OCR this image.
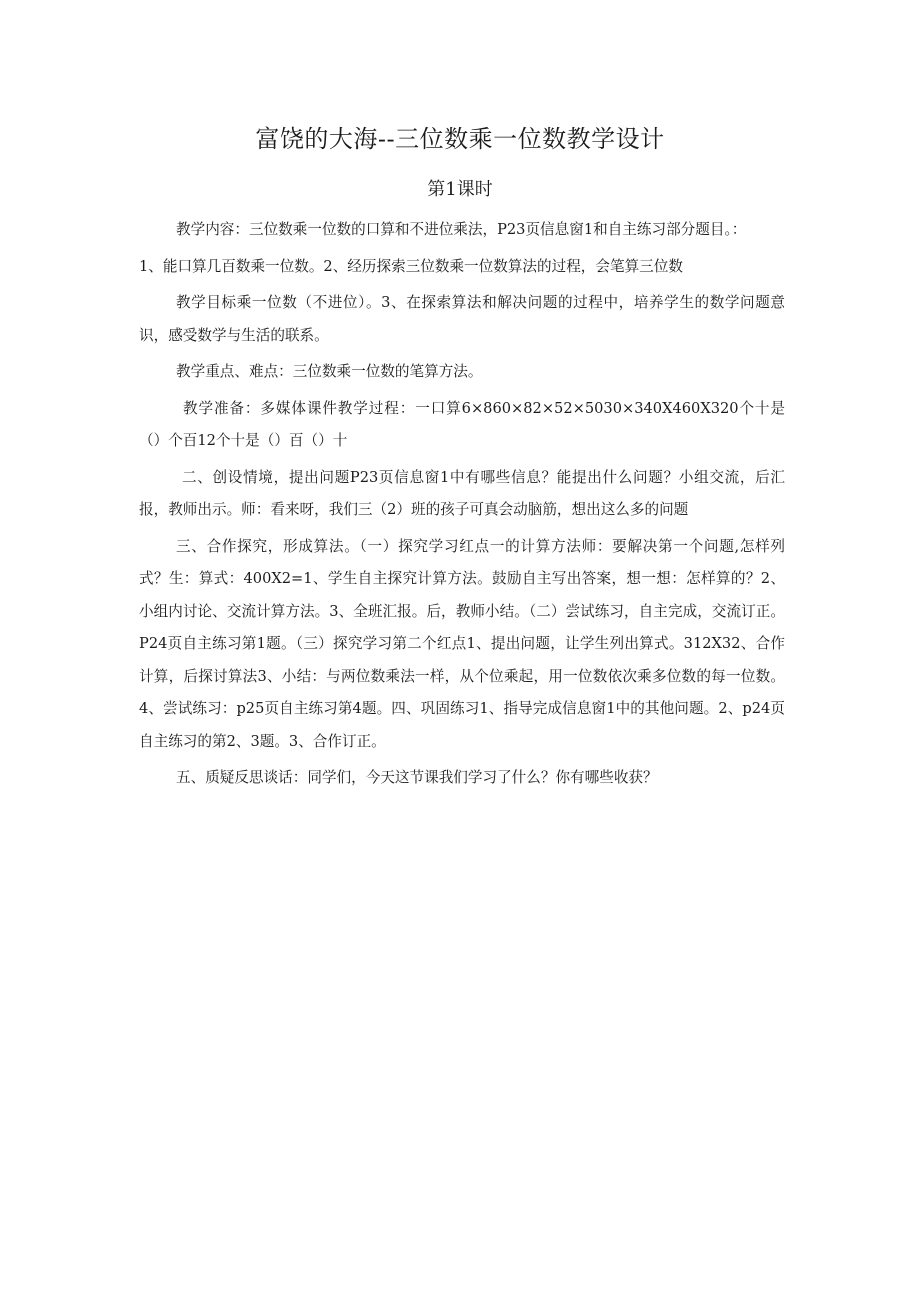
富饶的大海--三位数乘一位数教学设计
第1课时

教学内容：三位数乘一位数的口算和不进位乘法，P23页信息窗1和自主练习部分题目。：

1、能口算几百数乘一位数。2、经历探索三位数乘一位数算法的过程，会笔算三位数

教学目标乘一位数（不进位）。3、在探索算法和解决问题的过程中，培养学生的数学问题意识，感受数学与生活的联系。

教学重点、难点：三位数乘一位数的笔算方法。

教学准备：多媒体课件教学过程：一口算6×860×82×52×5030×340X460X320个十是（）个百12个十是（）百（）十

二、创设情境，提出问题P23页信息窗1中有哪些信息？能提出什么问题？小组交流，后汇报，教师出示。师：看来呀，我们三（2）班的孩子可真会动脑筋，想出这么多的问题

三、合作探究，形成算法。（一）探究学习红点一的计算方法师：要解决第一个问题,怎样列式？生：算式：400X2=1、学生自主探究计算方法。鼓励自主写出答案，想一想：怎样算的？2、小组内讨论、交流计算方法。3、全班汇报。后，教师小结。（二）尝试练习，自主完成，交流订正。P24页自主练习第1题。（三）探究学习第二个红点1、提出问题，让学生列出算式。312X32、合作计算，后探讨算法3、小结：与两位数乘法一样，从个位乘起，用一位数依次乘多位数的每一位数。4、尝试练习：p25页自主练习第4题。四、巩固练习1、指导完成信息窗1中的其他问题。2、p24页自主练习的第2、3题。3、合作订正。

五、质疑反思谈话：同学们，今天这节课我们学习了什么？你有哪些收获？
